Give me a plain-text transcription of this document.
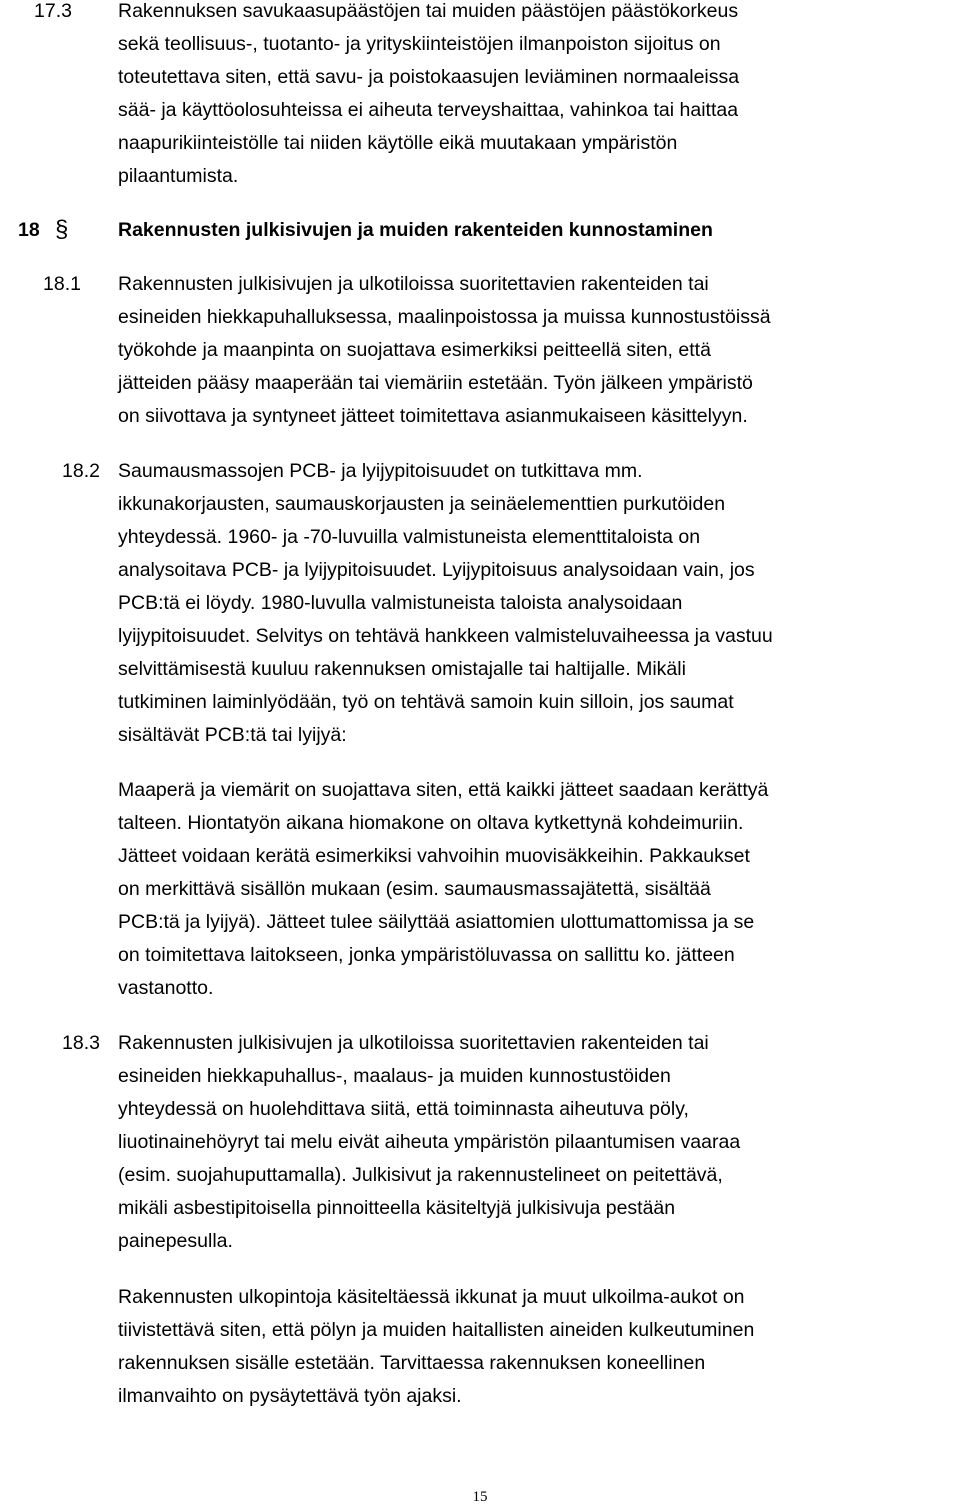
17.3 Rakennuksen savukaasupäästöjen tai muiden päästöjen päästökorkeus
sekä teollisuus-, tuotanto- ja yrityskiinteistöjen ilmanpoiston sijoitus on
toteutettava siten, että savu- ja poistokaasujen leviäminen normaaleissa
sää- ja käyttöolosuhteissa ei aiheuta terveyshaittaa, vahinkoa tai haittaa
naapurikiinteistölle tai niiden käytölle eikä muutakaan ympäristön
pilaantumista.
18 §	Rakennusten julkisivujen ja muiden rakenteiden kunnostaminen
18.1 Rakennusten julkisivujen ja ulkotiloissa suoritettavien rakenteiden tai
esineiden hiekkapuhalluksessa, maalinpoistossa ja muissa kunnostustöissä
työkohde ja maanpinta on suojattava esimerkiksi peitteellä siten, että
jätteiden pääsy maaperään tai viemäriin estetään. Työn jälkeen ympäristö
on siivottava ja syntyneet jätteet toimitettava asianmukaiseen käsittelyyn.
18.2 Saumausmassojen PCB- ja lyijypitoisuudet on tutkittava mm.
ikkunakorjausten, saumauskorjausten ja seinäelementtien purkutöiden
yhteydessä. 1960- ja -70-luvuilla valmistuneista elementtitaloista on
analysoitava PCB- ja lyijypitoisuudet. Lyijypitoisuus analysoidaan vain, jos
PCB:tä ei löydy. 1980-luvulla valmistuneista taloista analysoidaan
lyijypitoisuudet. Selvitys on tehtävä hankkeen valmisteluvaiheessa ja vastuu
selvittämisestä kuuluu rakennuksen omistajalle tai haltijalle. Mikäli
tutkiminen laiminlyödään, työ on tehtävä samoin kuin silloin, jos saumat
sisältävät PCB:tä tai lyijyä:
Maaperä ja viemärit on suojattava siten, että kaikki jätteet saadaan kerättyä
talteen. Hiontatyön aikana hiomakone on oltava kytkettynä kohdeimuriin.
Jätteet voidaan kerätä esimerkiksi vahvoihin muovisäkkeihin. Pakkaukset
on merkittävä sisällön mukaan (esim. saumausmassajätettä, sisältää
PCB:tä ja lyijyä). Jätteet tulee säilyttää asiattomien ulottumattomissa ja se
on toimitettava laitokseen, jonka ympäristöluvassa on sallittu ko. jätteen
vastanotto.
18.3 Rakennusten julkisivujen ja ulkotiloissa suoritettavien rakenteiden tai
esineiden hiekkapuhallus-, maalaus- ja muiden kunnostustöiden
yhteydessä on huolehdittava siitä, että toiminnasta aiheutuva pöly,
liuotinainehöyryt tai melu eivät aiheuta ympäristön pilaantumisen vaaraa
(esim. suojahuputtamalla). Julkisivut ja rakennustelineet on peitettävä,
mikäli asbestipitoisella pinnoitteella käsiteltyjä julkisivuja pestään
painepesulla.
Rakennusten ulkopintoja käsiteltäessä ikkunat ja muut ulkoilma-aukot on
tiivistettävä siten, että pölyn ja muiden haitallisten aineiden kulkeutuminen
rakennuksen sisälle estetään. Tarvittaessa rakennuksen koneellinen
ilmanvaihto on pysäytettävä työn ajaksi.
15
